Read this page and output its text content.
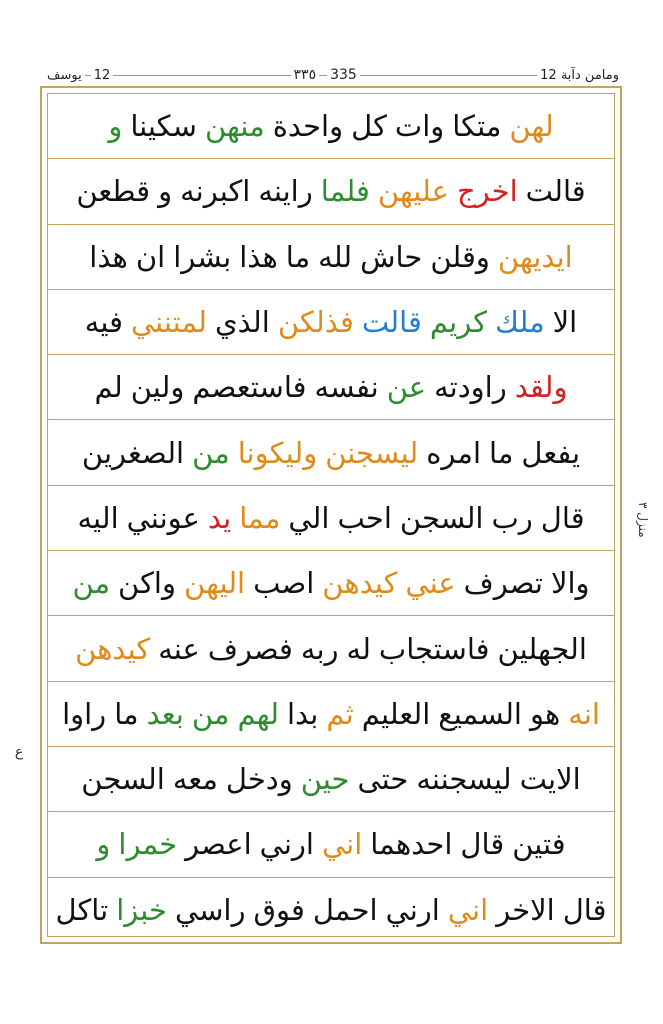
يوسف 12	٣٣٥ 335	12 ومامن دآبة
لهن
متكا
وات
كل
واحدة
منهن
سكينا
و
قالت
اخرج
عليهن
فلما
راينه
اكبرنه
و
قطعن
ايديهن
وقلن
حاش
لله
ما
هذا
بشرا
ان
هذا
الا
ملك
كريم
قالت
فذلكن
الذي
لمتنني
فيه
ولقد
راودته
عن
نفسه
فاستعصم
ولين
لم
يفعل
ما
امره
ليسجنن
وليكونا
من
الصغرين
قال
رب
السجن
احب
الي
مما
يد
عونني
اليه
والا
تصرف
عني
كيدهن
اصب
اليهن
واكن
من
الجهلين
فاستجاب
له
ربه
فصرف
عنه
كيدهن
انه
هو
السميع
العليم
ثم
بدا
لهم
من
بعد
ما
راوا
الايت
ليسجننه
حتى
حين
ودخل
معه
السجن
فتين
قال
احدهما
اني
ارني
اعصر
خمرا
و
قال
الاخر
اني
ارني
احمل
فوق
راسي
خبزا
تاكل
منزل ٣
ع
